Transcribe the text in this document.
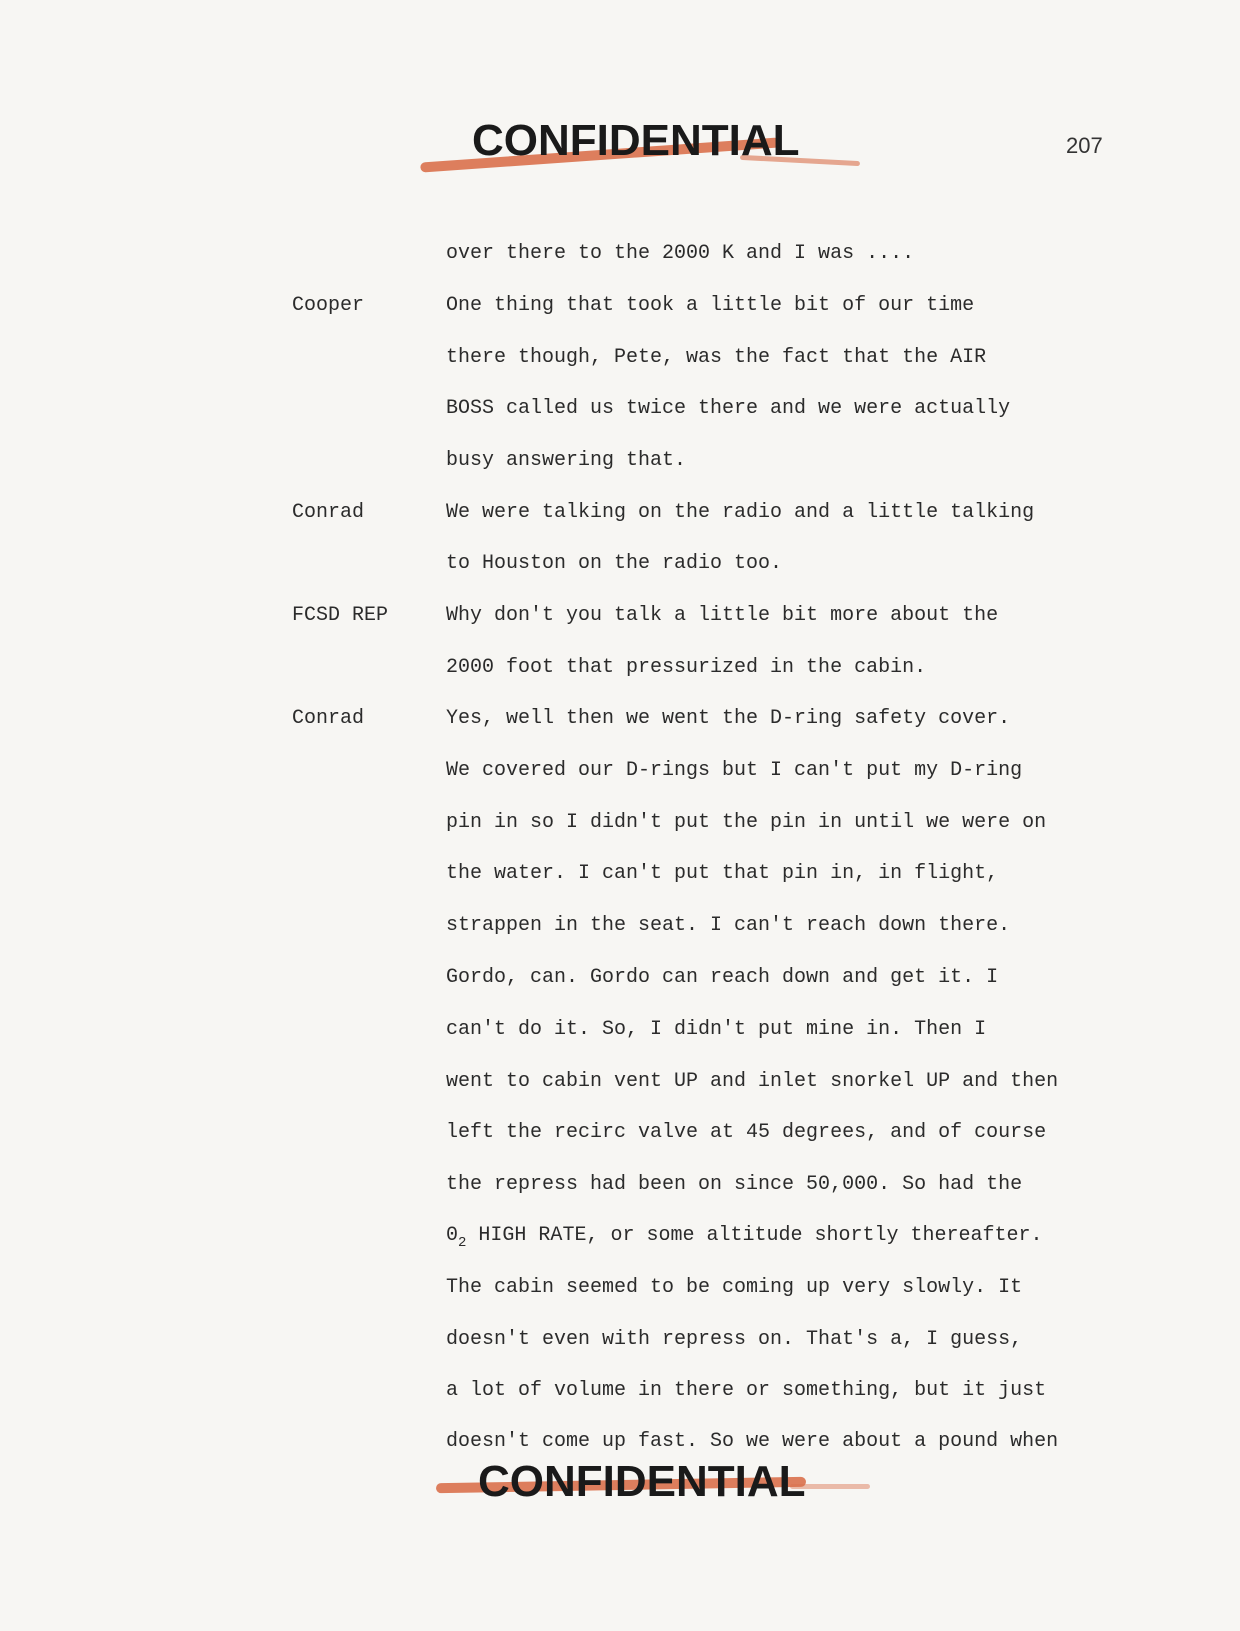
CONFIDENTIAL	207

over there to the 2000 K and I was ....
Cooper	One thing that took a little bit of our time
there though, Pete, was the fact that the AIR
BOSS called us twice there and we were actually
busy answering that.
Conrad	We were talking on the radio and a little talking
to Houston on the radio too.
FCSD REP	Why don't you talk a little bit more about the
2000 foot that pressurized in the cabin.
Conrad	Yes, well then we went the D-ring safety cover.
We covered our D-rings but I can't put my D-ring
pin in so I didn't put the pin in until we were on
the water. I can't put that pin in, in flight,
strappen in the seat. I can't reach down there.
Gordo, can. Gordo can reach down and get it. I
can't do it. So, I didn't put mine in. Then I
went to cabin vent UP and inlet snorkel UP and then
left the recirc valve at 45 degrees, and of course
the repress had been on since 50,000. So had the
$0_2$ HIGH RATE, or some altitude shortly thereafter.
The cabin seemed to be coming up very slowly. It
doesn't even with repress on. That's a, I guess,
a lot of volume in there or something, but it just
doesn't come up fast. So we were about a pound when
CONFIDENTIAL
